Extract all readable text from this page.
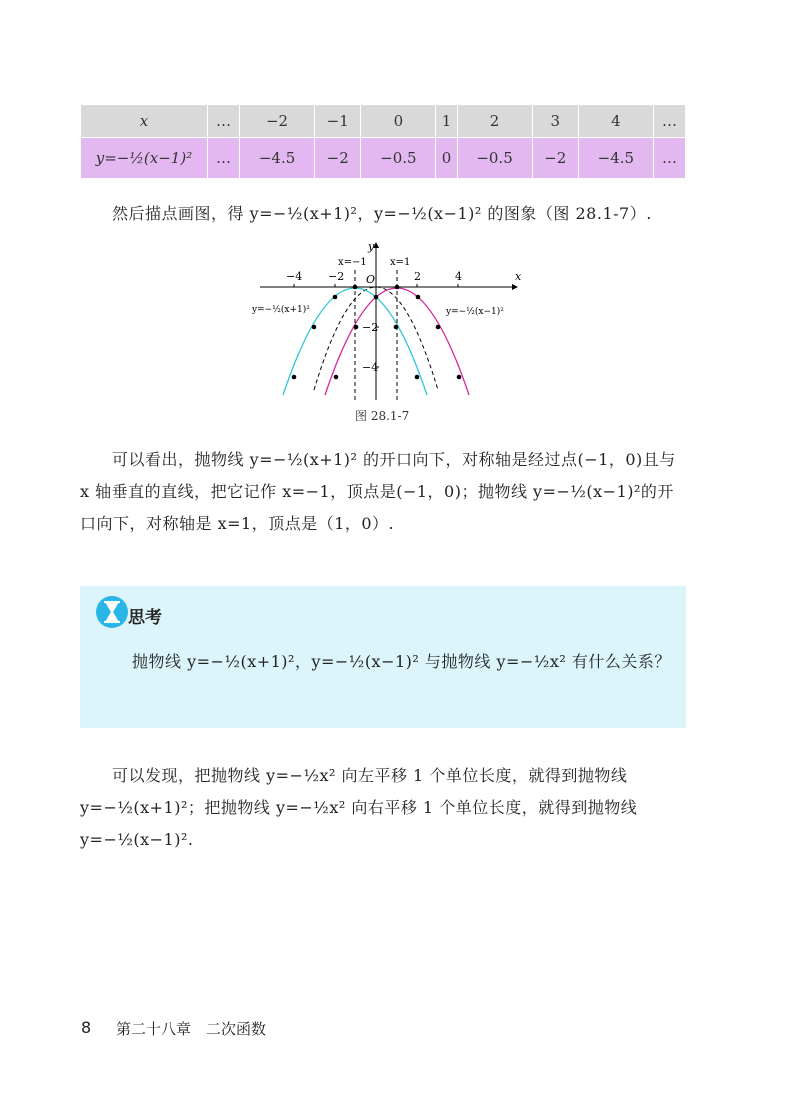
x	…	−2	−1	0	1	2	3	4	…
y=−½(x−1)²	…	−4.5	−2	−0.5	0	−0.5	−2	−4.5	…
然后描点画图，得 y=−½(x+1)²，y=−½(x−1)² 的图象（图 28.1-7）.
x
y
O
−4 −2	2	4
−2
−4
x=−1 x=1
y=−½(x+1)²	y=−½(x−1)²
图 28.1-7
可以看出，抛物线 y=−½(x+1)² 的开口向下，对称轴是经过点(−1，0)且与 x 轴垂直的直线，把它记作 x=−1，顶点是(−1，0)；抛物线 y=−½(x−1)²的开口向下，对称轴是 x=1，顶点是（1，0）.
思考
抛物线 y=−½(x+1)²，y=−½(x−1)² 与抛物线 y=−½x² 有什么关系？
可以发现，把抛物线 y=−½x² 向左平移 1 个单位长度，就得到抛物线 y=−½(x+1)²；把抛物线 y=−½x² 向右平移 1 个单位长度，就得到抛物线 y=−½(x−1)².
8 第二十八章　二次函数
